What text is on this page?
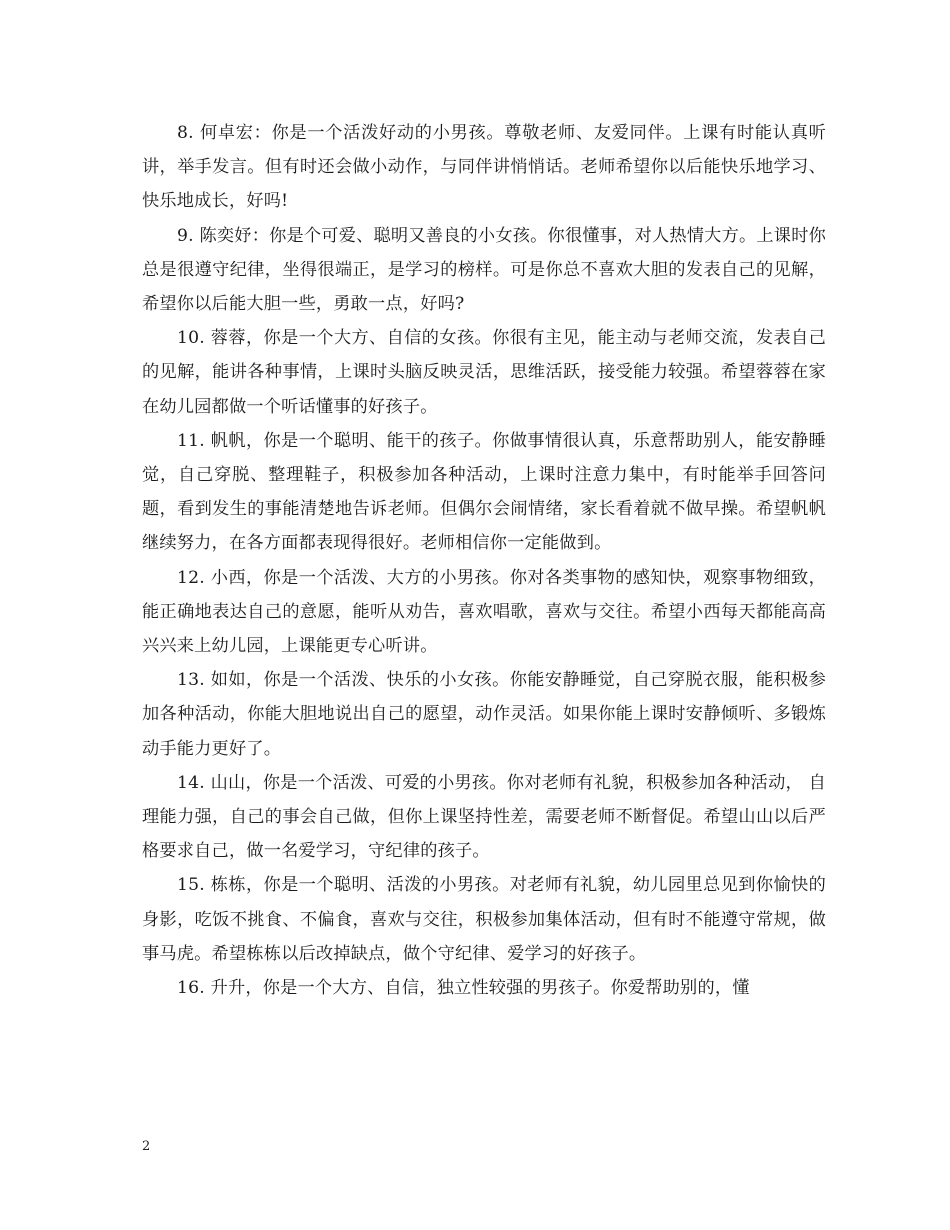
8. 何卓宏：你是一个活泼好动的小男孩。尊敬老师、友爱同伴。上课有时能认真听讲，举手发言。但有时还会做小动作，与同伴讲悄悄话。老师希望你以后能快乐地学习、快乐地成长，好吗!

9. 陈奕妤：你是个可爱、聪明又善良的小女孩。你很懂事，对人热情大方。上课时你总是很遵守纪律，坐得很端正，是学习的榜样。可是你总不喜欢大胆的发表自己的见解，希望你以后能大胆一些，勇敢一点，好吗?

10. 蓉蓉，你是一个大方、自信的女孩。你很有主见，能主动与老师交流，发表自己的见解，能讲各种事情，上课时头脑反映灵活，思维活跃，接受能力较强。希望蓉蓉在家在幼儿园都做一个听话懂事的好孩子。

11. 帆帆，你是一个聪明、能干的孩子。你做事情很认真，乐意帮助别人，能安静睡觉，自己穿脱、整理鞋子，积极参加各种活动，上课时注意力集中，有时能举手回答问题，看到发生的事能清楚地告诉老师。但偶尔会闹情绪，家长看着就不做早操。希望帆帆继续努力，在各方面都表现得很好。老师相信你一定能做到。

12. 小西，你是一个活泼、大方的小男孩。你对各类事物的感知快，观察事物细致，能正确地表达自己的意愿，能听从劝告，喜欢唱歌，喜欢与交往。希望小西每天都能高高兴兴来上幼儿园，上课能更专心听讲。

13. 如如，你是一个活泼、快乐的小女孩。你能安静睡觉，自己穿脱衣服，能积极参加各种活动，你能大胆地说出自己的愿望，动作灵活。如果你能上课时安静倾听、多锻炼动手能力更好了。

14. 山山，你是一个活泼、可爱的小男孩。你对老师有礼貌，积极参加各种活动， 自理能力强，自己的事会自己做，但你上课坚持性差，需要老师不断督促。希望山山以后严格要求自己，做一名爱学习，守纪律的孩子。

15. 栋栋，你是一个聪明、活泼的小男孩。对老师有礼貌，幼儿园里总见到你愉快的身影，吃饭不挑食、不偏食，喜欢与交往，积极参加集体活动，但有时不能遵守常规，做事马虎。希望栋栋以后改掉缺点，做个守纪律、爱学习的好孩子。

16. 升升，你是一个大方、自信，独立性较强的男孩子。你爱帮助别的，懂

2
